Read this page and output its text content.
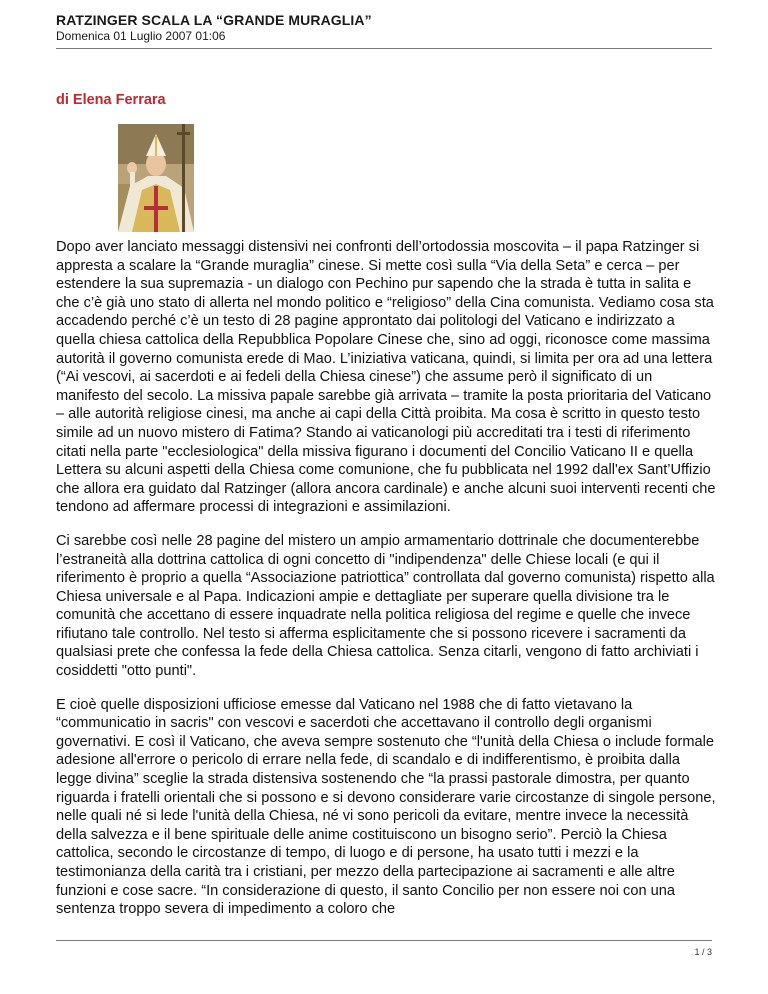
RATZINGER SCALA LA “GRANDE MURAGLIA”
Domenica 01 Luglio 2007 01:06
di Elena Ferrara

Dopo aver lanciato messaggi distensivi nei confronti dell’ortodossia moscovita – il papa Ratzinger si appresta a scalare la “Grande muraglia” cinese. Si mette così sulla “Via della Seta” e cerca – per estendere la sua supremazia - un dialogo con Pechino pur sapendo che la strada è tutta in salita e che c’è già uno stato di allerta nel mondo politico e “religioso” della Cina comunista. Vediamo cosa sta accadendo perché c’è un testo di 28 pagine approntato dai politologi del Vaticano e indirizzato a quella chiesa cattolica della Repubblica Popolare Cinese che, sino ad oggi, riconosce come massima autorità il governo comunista erede di Mao. L’iniziativa vaticana, quindi, si limita per ora ad una lettera (“Ai vescovi, ai sacerdoti e ai fedeli della Chiesa cinese”) che assume però il significato di un manifesto del secolo. La missiva papale sarebbe già arrivata – tramite la posta prioritaria del Vaticano – alle autorità religiose cinesi, ma anche ai capi della Città proibita. Ma cosa è scritto in questo testo simile ad un nuovo mistero di Fatima? Stando ai vaticanologi più accreditati tra i testi di riferimento citati nella parte "ecclesiologica" della missiva figurano i documenti del Concilio Vaticano II e quella Lettera su alcuni aspetti della Chiesa come comunione, che fu pubblicata nel 1992 dall'ex Sant’Uffizio che allora era guidato dal Ratzinger (allora ancora cardinale) e anche alcuni suoi interventi recenti che tendono ad affermare processi di integrazioni e assimilazioni.

Ci sarebbe così nelle 28 pagine del mistero un ampio armamentario dottrinale che documenterebbe l’estraneità alla dottrina cattolica di ogni concetto di "indipendenza" delle Chiese locali (e qui il riferimento è proprio a quella “Associazione patriottica” controllata dal governo comunista) rispetto alla Chiesa universale e al Papa. Indicazioni ampie e dettagliate per superare quella divisione tra le comunità che accettano di essere inquadrate nella politica religiosa del regime e quelle che invece rifiutano tale controllo. Nel testo si afferma esplicitamente che si possono ricevere i sacramenti da qualsiasi prete che confessa la fede della Chiesa cattolica. Senza citarli, vengono di fatto archiviati i cosiddetti "otto punti".

E cioè quelle disposizioni ufficiose emesse dal Vaticano nel 1988 che di fatto vietavano la “communicatio in sacris" con vescovi e sacerdoti che accettavano il controllo degli organismi governativi. E così il Vaticano, che aveva sempre sostenuto che “l'unità della Chiesa o include formale adesione all'errore o pericolo di errare nella fede, di scandalo e di indifferentismo, è proibita dalla legge divina” sceglie la strada distensiva sostenendo che “la prassi pastorale dimostra, per quanto riguarda i fratelli orientali che si possono e si devono considerare varie circostanze di singole persone, nelle quali né si lede l'unità della Chiesa, né vi sono pericoli da evitare, mentre invece la necessità della salvezza e il bene spirituale delle anime costituiscono un bisogno serio”. Perciò la Chiesa cattolica, secondo le circostanze di tempo, di luogo e di persone, ha usato tutti i mezzi e la testimonianza della carità tra i cristiani, per mezzo della partecipazione ai sacramenti e alle altre funzioni e cose sacre. “In considerazione di questo, il santo Concilio per non essere noi con una sentenza troppo severa di impedimento a coloro che

1 / 3
